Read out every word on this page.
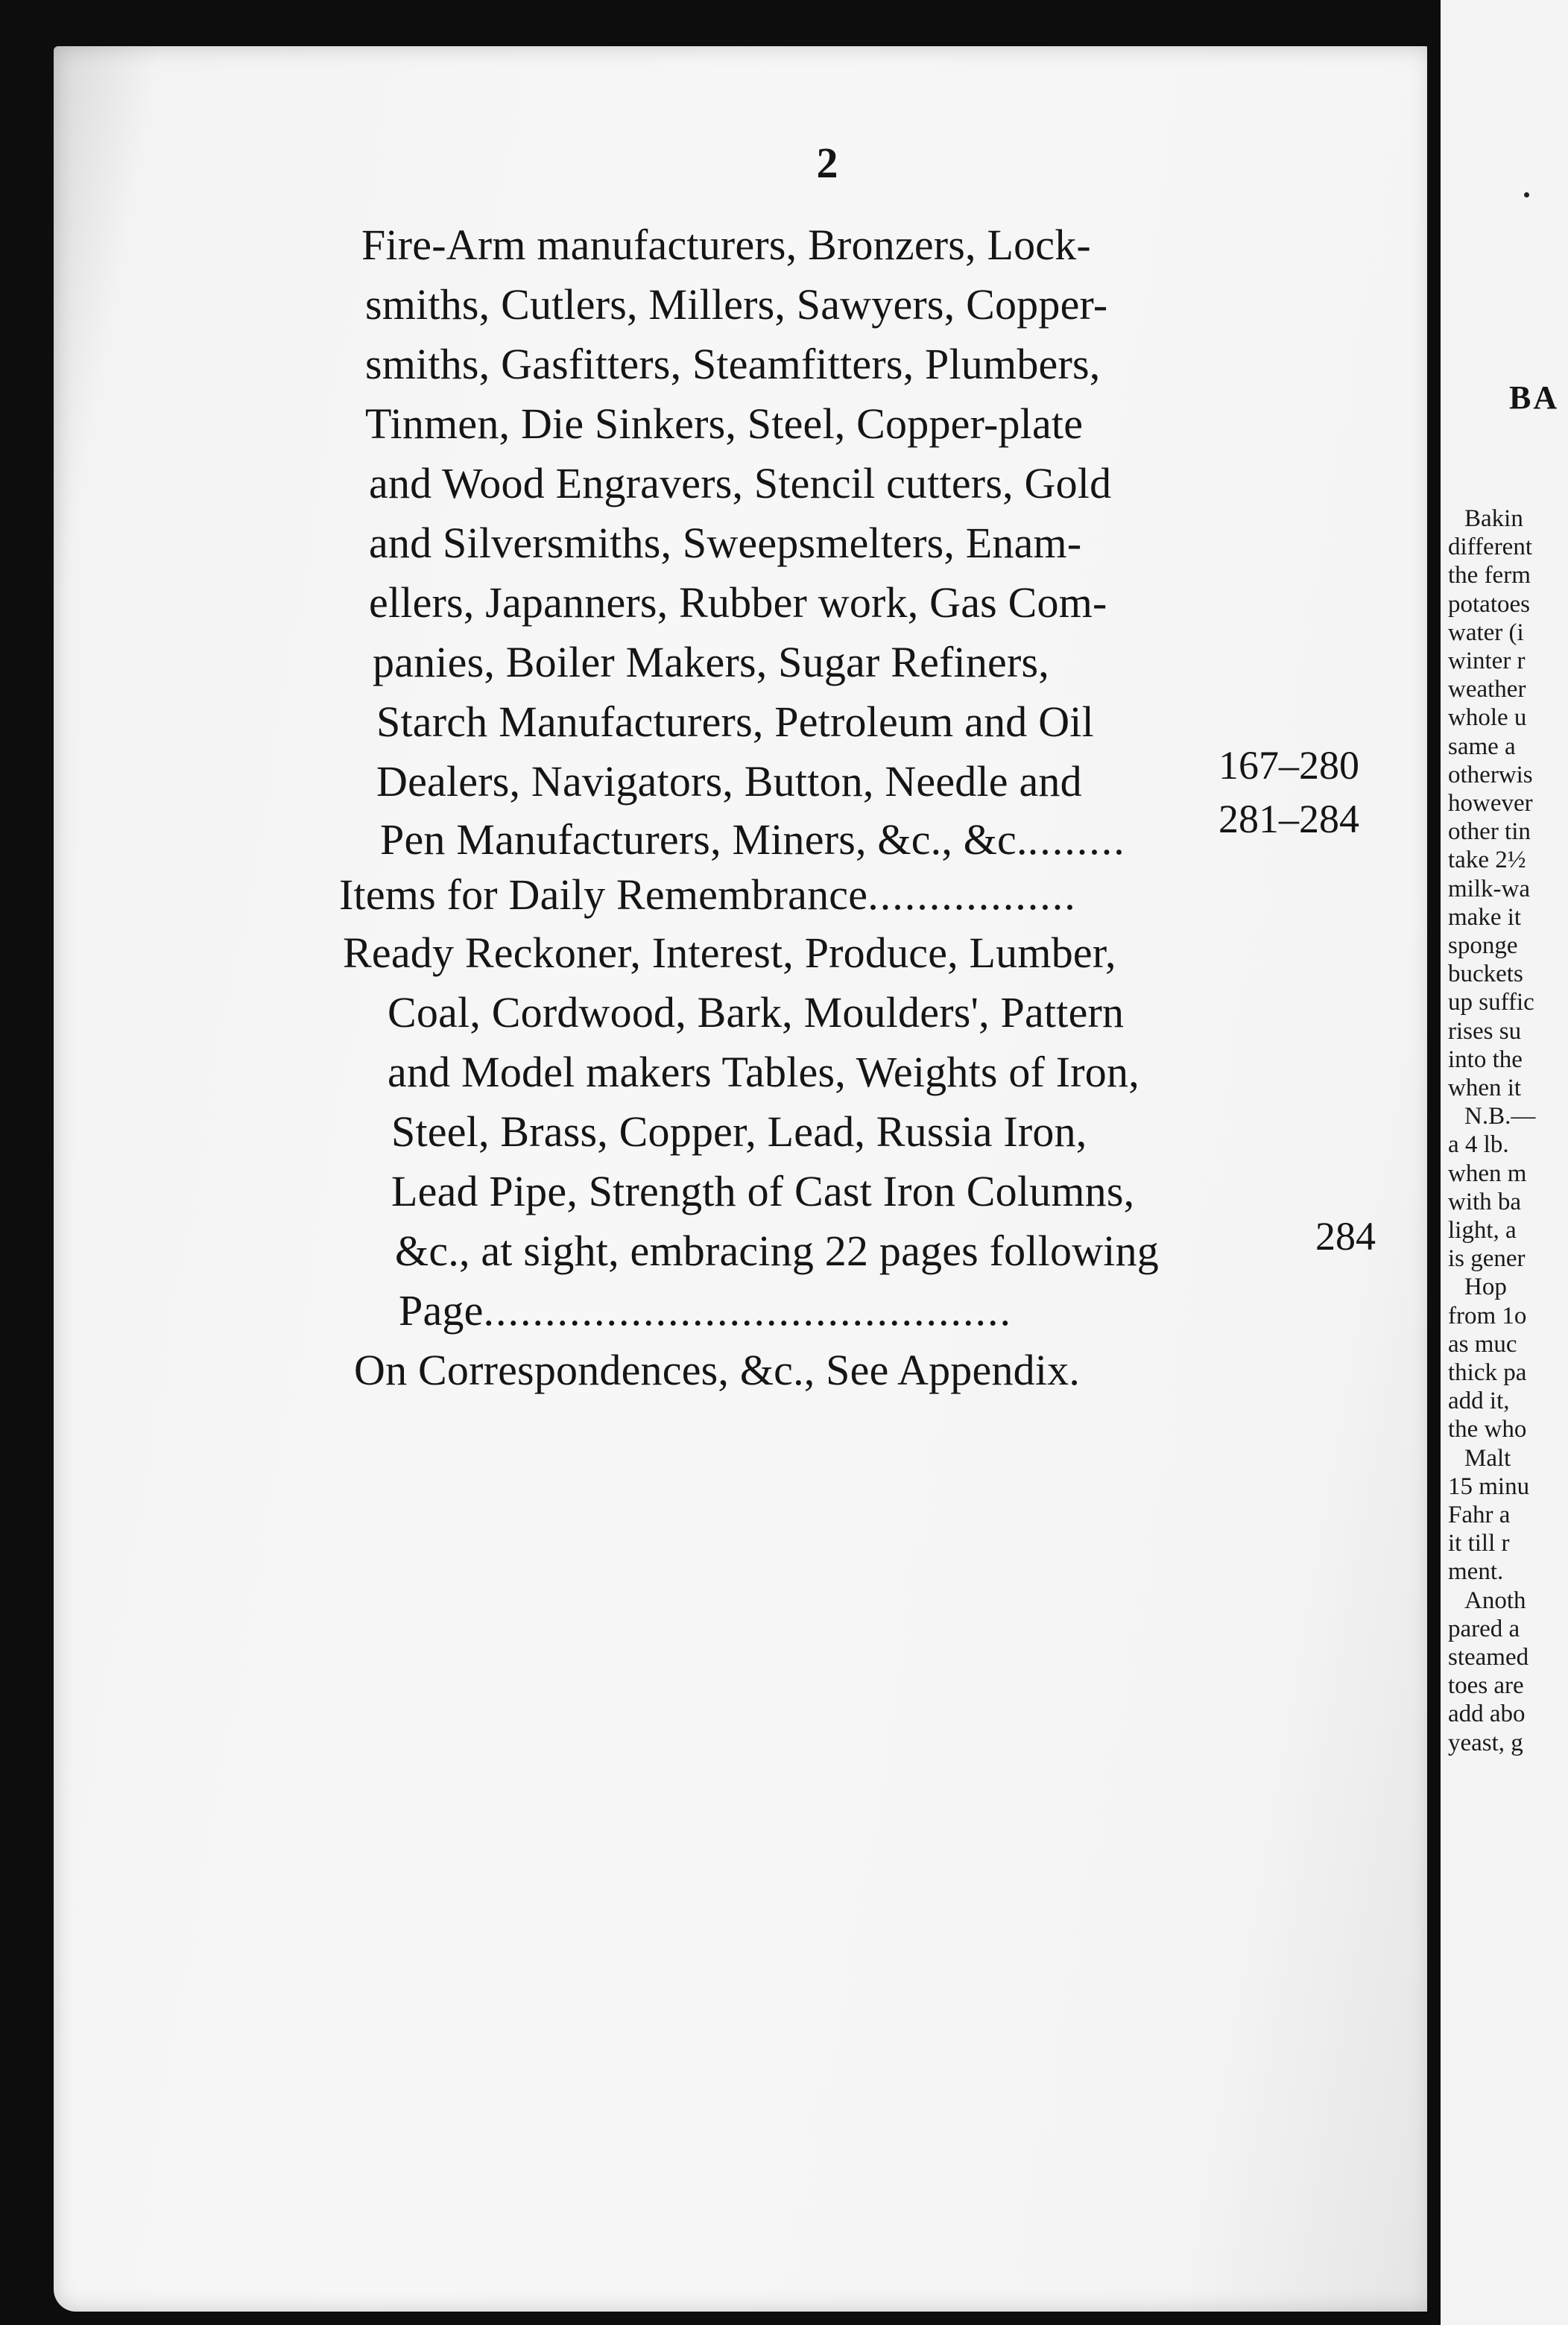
2
Fire-Arm manufacturers, Bronzers, Lock-
smiths, Cutlers, Millers, Sawyers, Copper-
smiths, Gasfitters, Steamfitters, Plumbers,
Tinmen, Die Sinkers, Steel, Copper-plate
and Wood Engravers, Stencil cutters, Gold
and Silversmiths, Sweepsmelters, Enam-
ellers, Japanners, Rubber work, Gas Com-
panies, Boiler Makers, Sugar Refiners,
Starch Manufacturers, Petroleum and Oil
Dealers, Navigators, Button, Needle and
Pen Manufacturers, Miners, &c., &c.........
167–280
Items for Daily Remembrance.................
281–284
Ready Reckoner, Interest, Produce, Lumber,
Coal, Cordwood, Bark, Moulders', Pattern
and Model makers Tables, Weights of Iron,
Steel, Brass, Copper, Lead, Russia Iron,
Lead Pipe, Strength of Cast Iron Columns,
&c., at sight, embracing 22 pages following
Page...........................................
284
On Correspondences, &c., See Appendix.
BA
Bakin
different
the ferm
potatoes
water (i
winter r
weather
whole u
same a
otherwis
however
other tin
take 2½
milk-wa
make it
sponge
buckets
up suffic
rises su
into the
when it
N.B.—
a 4 lb.
when m
with ba
light, a
is gener
Hop
from 1o
as muc
thick pa
add it,
the who
Malt
15 minu
Fahr a
it till r
ment.
Anoth
pared a
steamed
toes are
add abo
yeast, g
